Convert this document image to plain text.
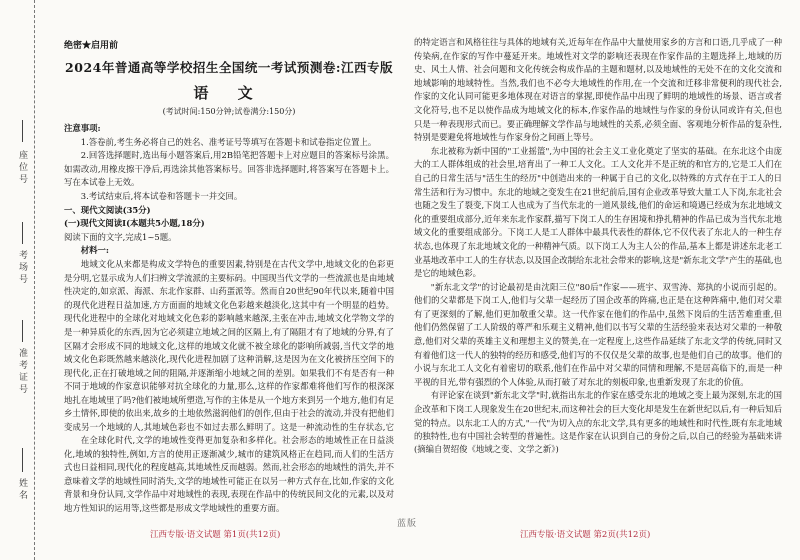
座位号
考场号
准考证号
姓名
绝密★启用前
2024年普通高等学校招生全国统一考试预测卷:江西专版
语 文
(考试时间:150分钟;试卷满分:150分)

注意事项:

1.答卷前,考生务必将自己的姓名、准考证号等填写在答题卡和试卷指定位置上。

2.回答选择题时,选出每小题答案后,用2B铅笔把答题卡上对应题目的答案标号涂黑。如需改动,用橡皮擦干净后,再选涂其他答案标号。回答非选择题时,将答案写在答题卡上。写在本试卷上无效。

3.考试结束后,将本试卷和答题卡一并交回。

一、现代文阅读(35分)

(一)现代文阅读Ⅰ(本题共5小题,18分)

阅读下面的文字,完成1~5题。

材料一:

地域文化从来都是构成文学特色的重要因素,特别是在古代文学中,地域文化的色彩更是分明,它显示成为人们扫辨文学流派的主要标码。中国现当代文学的一些流派也是由地域性决定的,如京派、海派、东北作家群、山药蛋派等。然而自20世纪90年代以来,随着中国的现代化进程日益加速,方方面面的地域文化色彩越来越淡化,这其中有一个明显的趋势。现代化进程中的全球化对地域文化色彩的影响越来越深,主张在冲击,地域文化学物文学的是一种异质化的东西,因为它必须建立地域之间的区隔上,有了隔阻才有了地域的分界,有了区隔才会形成不同的地域文化,这样的地域文化就不被全球化的影响所减弱,当代文学的地域文化色彩既然越来越淡化,现代化进程加剧了这种消解,这是因为在文化被挤压空间下的现代化,正在打破地域之间的阻隔,并逐渐缩小地域之间的差别。如果我们不有是否有一种不同于地域的作家意识能够对抗全球化的力量,那么,这样的作家都难将他们写作的根深深地扎在地域里了吗?他们被地域所塑造,写作的主体是从一个地方来到另一个地方,他们有足乡土情怀,即使的依出来,故乡的土地依然滋润他们的创作,但由于社会的流动,并没有把他们变成另一个地域的人,其地域色彩也不如过去那么鲜明了。这是一种流动性的生存状态,它

在全球化时代,文学的地域性变得更加复杂和多样化。社会形态的地域性正在日益淡化,地域的独特性,例如,方言的使用正逐渐减少,城市的建筑风格正在趋同,而人们的生活方式也日益相同,现代化的程度越高,其地域性反而越弱。然而,社会形态的地域性的消失,并不意味着文学的地域性同时消失,文学的地域性可能正在以另一种方式存在,比如,作家的文化背景和身份认同,文学作品中对地域性的表现,表现在作品中的传统民间文化的元素,以及对地方性知识的运用等,这些都是形成文学地域性的重要方面。

的特定语言和风格往往与具体的地域有关,近每年在作品中大量使用家乡的方言和口语,几乎成了一种传染病,在作家的写作中蔓延开来。地域性对文学的影响还表现在作家作品的主题选择上,地域的历史、风土人情、社会问题和文化传统会构成作品的主题和题材,以及地域性的无处不在的文化交流和地域影响的地域特性。当然,我们也不必夸大地域性的作用,在一个交流和迁移非常便利的现代社会,作家的文化认同可能更多地体现在对语言的掌握,即使作品中出现了鲜明的地域性的场景、语言或者文化符号,也不足以使作品成为地域文化的标本,作家作品的地域性与作家的身份认同或许有关,但也只是一种表现形式而已。要正确理解文学作品与地域性的关系,必须全面、客观地分析作品的复杂性,特别是要避免将地域性与作家身份之间画上等号。

东北被称为新中国的"工业摇篮",为中国的社会主义工业化奠定了坚实的基础。在东北这个由庞大的工人群体组成的社会里,培育出了一种工人文化。工人文化并不是正统的和官方的,它是工人们在自己的日常生活与"活生生的经历"中创造出来的一种属于自己的文化,以特殊的方式存在于工人的日常生活和行为习惯中。东北的地域之变发生在21世纪前后,国有企业改革导致大量工人下岗,东北社会也随之发生了裂变,下岗工人也成为了当代东北的一道风景线,他们的命运和境遇已经成为东北地域文化的重要组成部分,近年来东北作家群,描写下岗工人的生存困境和挣扎精神的作品已成为当代东北地域文化的重要组成部分。下岗工人是工人群体中最具代表性的群体,它不仅代表了东北人的一种生存状态,也体现了东北地域文化的一种精神气质。以下岗工人为主人公的作品,基本上都是讲述东北老工业基地改革中工人的生存状态,以及国企改制给东北社会带来的影响,这是"新东北文学"产生的基础,也是它的地域色彩。

"新东北文学"的讨论最初是由沈阳三位"80后"作家——班宇、双雪涛、郑执的小说而引起的。他们的父辈都是下岗工人,他们与父辈一起经历了国企改革的阵痛,也正是在这种阵痛中,他们对父辈有了更深刻的了解,他们更加敬重父辈。这一代作家在他们的作品中,虽然下岗后的生活苦难重重,但他们仍然保留了工人阶级的尊严和乐观主义精神,他们以书写父辈的生活经验来表达对父辈的一种敬意,他们对父辈的英雄主义和理想主义的赞美,在一定程度上,这些作品延续了东北文学的传统,同时又有着他们这一代人的独特的经历和感受,他们写的不仅仅是父辈的故事,也是他们自己的故事。他们的小说与东北工人文化有着密切的联系,他们在作品中对父辈的同情和理解,不是居高临下的,而是一种平视的目光,带有强烈的个人体验,从而打破了对东北的刻板印象,也重新发现了东北的价值。

有评论家在谈到"新东北文学"时,就指出东北的作家在感受东北的地域之变上最为深刻,东北的国企改革和下岗工人现象发生在20世纪末,而这种社会的巨大变化却是发生在新世纪以后,有一种后知后觉的特点。以东北工人的方式,"一代"为切入点的东北文学,具有更多的地域性和时代性,既有东北地域的独特性,也有中国社会转型的普遍性。这是作家在认识到自己的身份之后,以自己的经验为基础来讲

(摘编自贺绍俊《地域之变、文学之新》)

江西专版·语文试题 第1页(共12页)
蓝版
江西专版·语文试题 第2页(共12页)
